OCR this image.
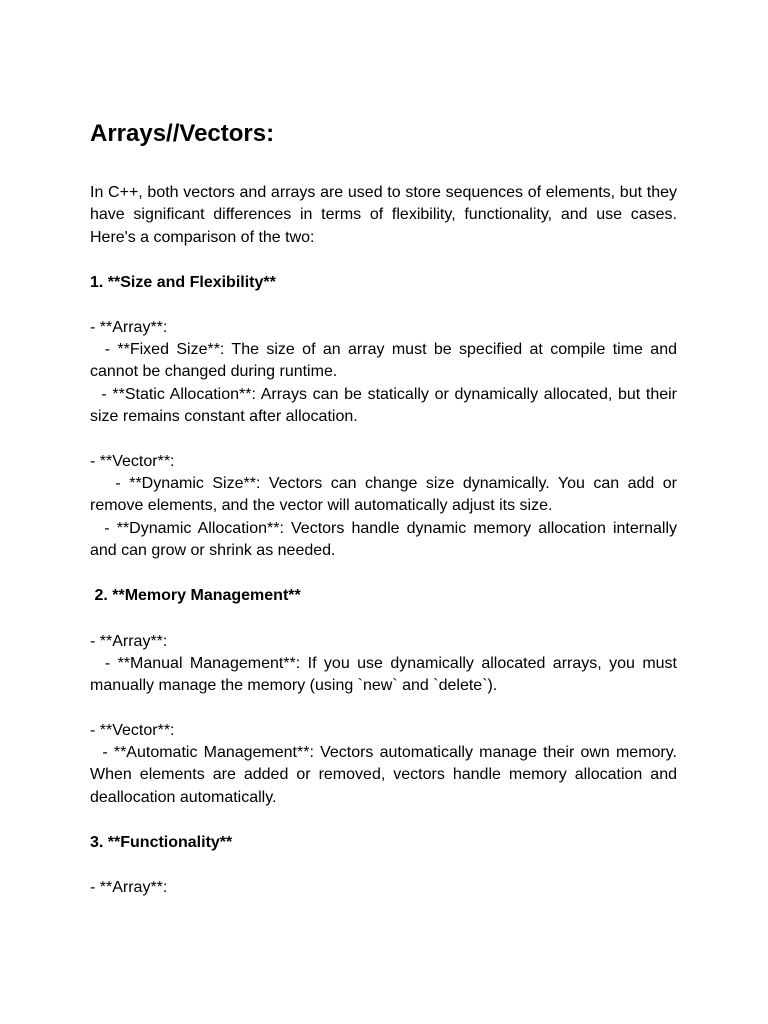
Arrays//Vectors:

In C++, both vectors and arrays are used to store sequences of elements, but they have significant differences in terms of flexibility, functionality, and use cases. Here's a comparison of the two:

1. **Size and Flexibility**

- **Array**:

- **Fixed Size**: The size of an array must be specified at compile time and cannot be changed during runtime.

- **Static Allocation**: Arrays can be statically or dynamically allocated, but their size remains constant after allocation.

- **Vector**:

- **Dynamic Size**: Vectors can change size dynamically. You can add or remove elements, and the vector will automatically adjust its size.

- **Dynamic Allocation**: Vectors handle dynamic memory allocation internally and can grow or shrink as needed.

2. **Memory Management**

- **Array**:

- **Manual Management**: If you use dynamically allocated arrays, you must manually manage the memory (using `new` and `delete`).

- **Vector**:

- **Automatic Management**: Vectors automatically manage their own memory. When elements are added or removed, vectors handle memory allocation and deallocation automatically.

3. **Functionality**

- **Array**:
